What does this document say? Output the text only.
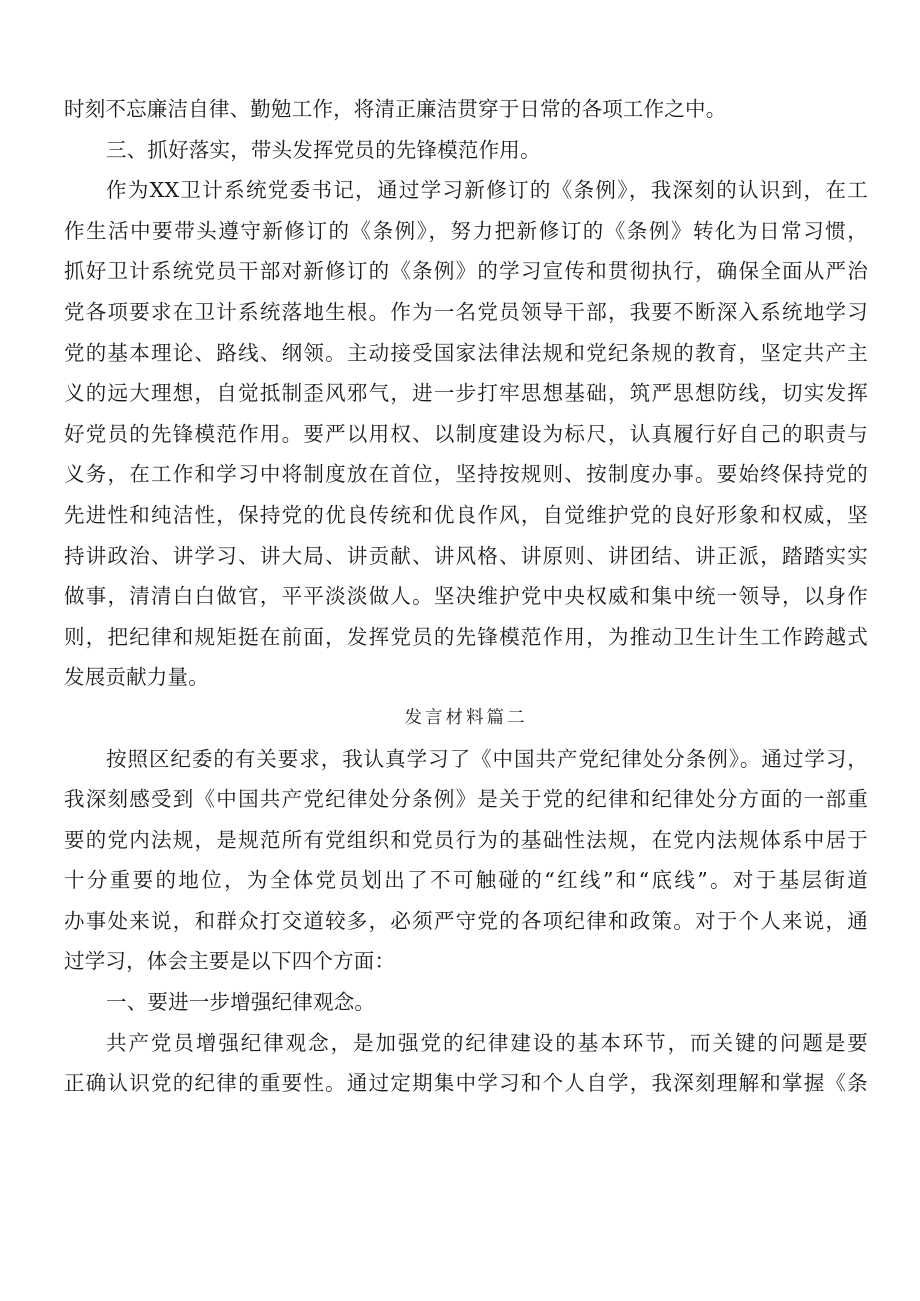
时刻不忘廉洁自律、勤勉工作，将清正廉洁贯穿于日常的各项工作之中。
三、抓好落实，带头发挥党员的先锋模范作用。
作为XX卫计系统党委书记，通过学习新修订的《条例》，我深刻的认识到，在工
作生活中要带头遵守新修订的《条例》，努力把新修订的《条例》转化为日常习惯，
抓好卫计系统党员干部对新修订的《条例》的学习宣传和贯彻执行，确保全面从严治
党各项要求在卫计系统落地生根。作为一名党员领导干部，我要不断深入系统地学习
党的基本理论、路线、纲领。主动接受国家法律法规和党纪条规的教育，坚定共产主
义的远大理想，自觉抵制歪风邪气，进一步打牢思想基础，筑严思想防线，切实发挥
好党员的先锋模范作用。要严以用权、以制度建设为标尺，认真履行好自己的职责与
义务，在工作和学习中将制度放在首位，坚持按规则、按制度办事。要始终保持党的
先进性和纯洁性，保持党的优良传统和优良作风，自觉维护党的良好形象和权威，坚
持讲政治、讲学习、讲大局、讲贡献、讲风格、讲原则、讲团结、讲正派，踏踏实实
做事，清清白白做官，平平淡淡做人。坚决维护党中央权威和集中统一领导，以身作
则，把纪律和规矩挺在前面，发挥党员的先锋模范作用，为推动卫生计生工作跨越式
发展贡献力量。
发言材料篇二
按照区纪委的有关要求，我认真学习了《中国共产党纪律处分条例》。通过学习，
我深刻感受到《中国共产党纪律处分条例》是关于党的纪律和纪律处分方面的一部重
要的党内法规，是规范所有党组织和党员行为的基础性法规，在党内法规体系中居于
十分重要的地位，为全体党员划出了不可触碰的“红线”和“底线”。对于基层街道
办事处来说，和群众打交道较多，必须严守党的各项纪律和政策。对于个人来说，通
过学习，体会主要是以下四个方面：
一、要进一步增强纪律观念。
共产党员增强纪律观念，是加强党的纪律建设的基本环节，而关键的问题是要
正确认识党的纪律的重要性。通过定期集中学习和个人自学，我深刻理解和掌握《条
